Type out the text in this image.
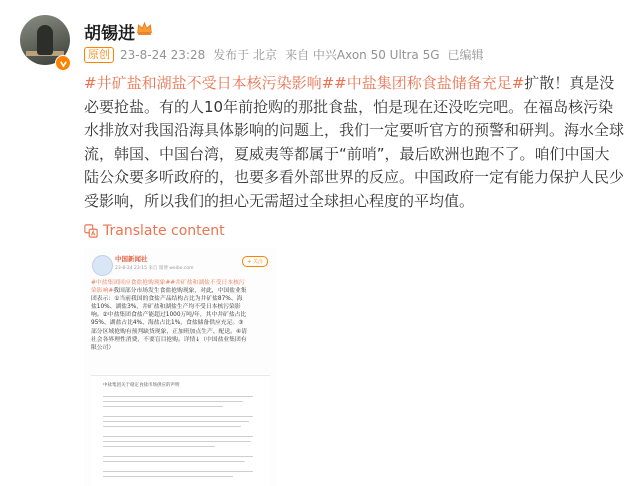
胡锡进
原创 23-8-24 23:28 发布于 北京 来自 中兴Axon 50 Ultra 5G 已编辑
#井矿盐和湖盐不受日本核污染影响##中盐集团称食盐储备充足#扩散！真是没必要抢盐。有的人10年前抢购的那批食盐，怕是现在还没吃完吧。在福岛核污染水排放对我国沿海具体影响的问题上，我们一定要听官方的预警和研判。海水全球流，韩国、中国台湾，夏威夷等都属于“前哨”，最后欧洲也跑不了。咱们中国大陆公众要多听政府的，也要多看外部世界的反应。中国政府一定有能力保护人民少受影响，所以我们的担心无需超过全球担心程度的平均值。
Translate content
中国新闻社
23-8-24 23:15 来自 微博 weibo.com
+ 关注
#中盐集团回应食盐抢购现象##井矿盐和湖盐不受日本核污染影响#我国部分市场发生食盐抢购现象，对此，中国盐业集团表示：①当前我国的食盐产品结构占比为井矿盐87%、海盐10%、湖盐3%，井矿盐和湖盐生产均不受日本核污染影响。②中盐集团食盐产能超过1000万吨/年，其中井矿盐占比95%、湖盐占比4%、海盐占比1%，食盐储备供应充足。③部分区域抢购有预判缺货现象，正加班加点生产、配送。④请社会各界理性消费，不要盲目抢购。详情↓（中国盐业集团有限公司）
中盐集团关于稳定食盐市场供应的声明
